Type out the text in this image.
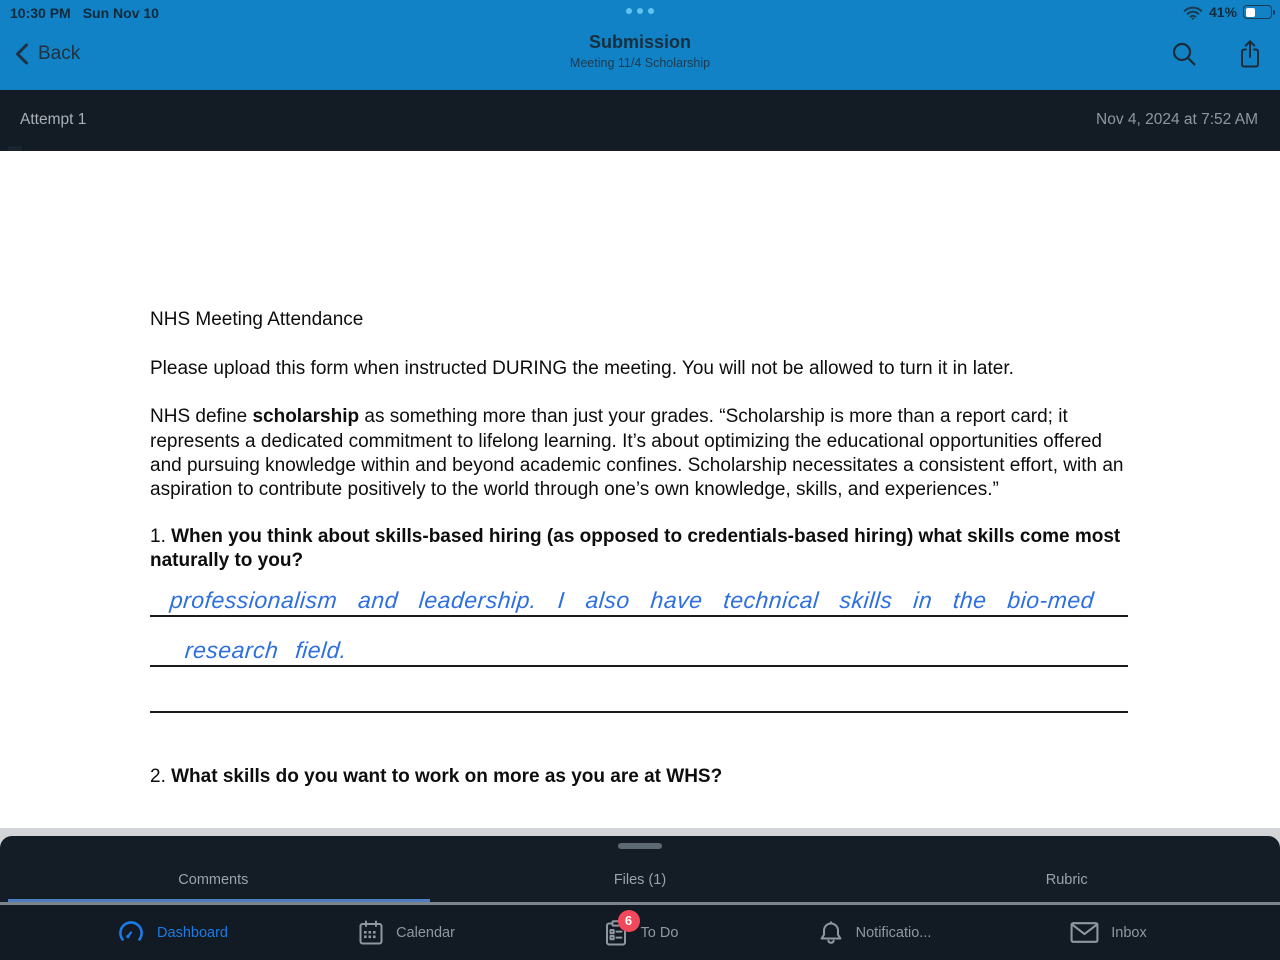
10:30 PM Sun Nov 10	41%
Back
Submission
Meeting 11/4 Scholarship
Attempt 1	Nov 4, 2024 at 7:52 AM

NHS Meeting Attendance

Please upload this form when instructed DURING the meeting. You will not be allowed to turn it in later.

NHS define scholarship as something more than just your grades. “Scholarship is more than a report card; it represents a dedicated commitment to lifelong learning. It’s about optimizing the educational opportunities offered and pursuing knowledge within and beyond academic confines. Scholarship necessitates a consistent effort, with an aspiration to contribute positively to the world through one’s own knowledge, skills, and experiences.”

1. When you think about skills-based hiring (as opposed to credentials-based hiring) what skills come most naturally to you?

professionalism and leadership. I also have technical skills in the bio-med
research field.

2. What skills do you want to work on more as you are at WHS?

Comments	Files (1)	Rubric
Dashboard	Calendar
6
To Do	Notificatio...	Inbox
